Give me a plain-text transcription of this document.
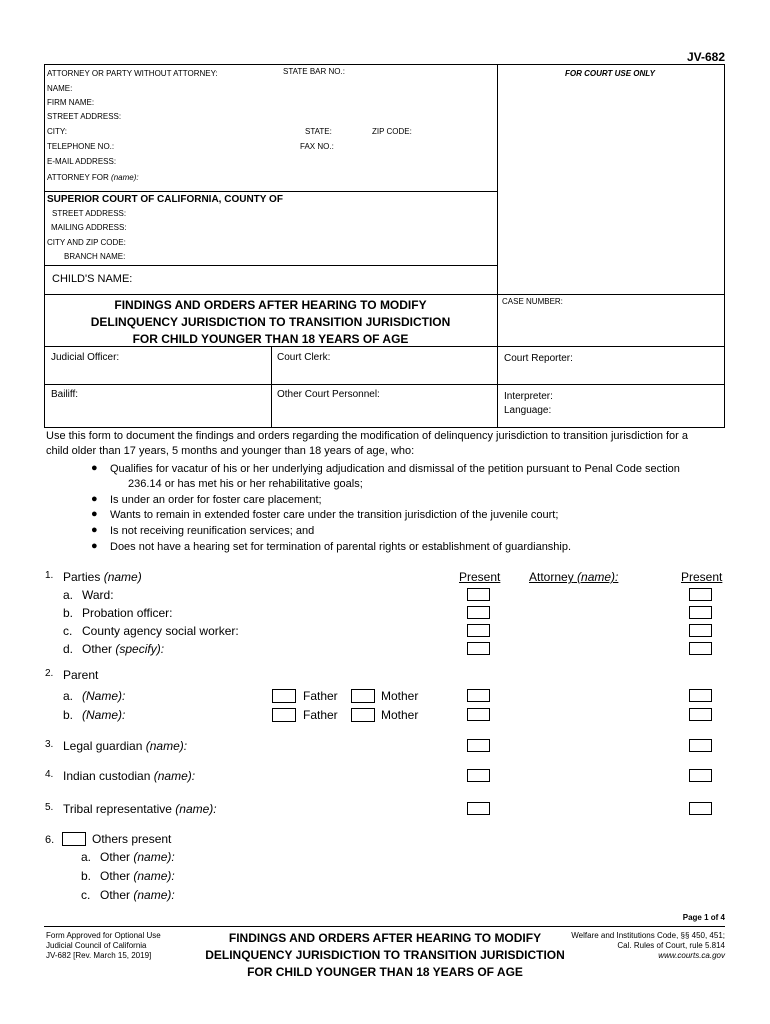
JV-682
ATTORNEY OR PARTY WITHOUT ATTORNEY:	STATE BAR NO.:	FOR COURT USE ONLY
NAME:
FIRM NAME:
STREET ADDRESS:
CITY:	STATE:	ZIP CODE:
TELEPHONE NO.:	FAX NO.:
E-MAIL ADDRESS:
ATTORNEY FOR (name):
SUPERIOR COURT OF CALIFORNIA, COUNTY OF
STREET ADDRESS:
MAILING ADDRESS:
CITY AND ZIP CODE:
BRANCH NAME:
CHILD'S NAME:
FINDINGS AND ORDERS AFTER HEARING TO MODIFY
DELINQUENCY JURISDICTION TO TRANSITION JURISDICTION
FOR CHILD YOUNGER THAN 18 YEARS OF AGE
CASE NUMBER:
Judicial Officer:	Court Clerk:	Court Reporter:
Bailiff:	Other Court Personnel:	Interpreter:
Language:
Use this form to document the findings and orders regarding the modification of delinquency jurisdiction to transition jurisdiction for a
child older than 17 years, 5 months and younger than 18 years of age, who:
● Qualifies for vacatur of his or her underlying adjudication and dismissal of the petition pursuant to Penal Code section
236.14 or has met his or her rehabilitative goals;
● Is under an order for foster care placement;
● Wants to remain in extended foster care under the transition jurisdiction of the juvenile court;
● Is not receiving reunification services; and
● Does not have a hearing set for termination of parental rights or establishment of guardianship.
1. Parties (name)	Present Attorney (name):	Present
a. Ward:
b. Probation officer:
c. County agency social worker:
d. Other (specify):
2. Parent
a. (Name):	Father	Mother
b. (Name):	Father	Mother
3. Legal guardian (name):
4. Indian custodian (name):
5. Tribal representative (name):
6.	Others present
a. Other (name):
b. Other (name):
c. Other (name):
Page 1 of 4
Form Approved for Optional Use
Judicial Council of California
JV-682 [Rev. March 15, 2019]
FINDINGS AND ORDERS AFTER HEARING TO MODIFY
DELINQUENCY JURISDICTION TO TRANSITION JURISDICTION
FOR CHILD YOUNGER THAN 18 YEARS OF AGE
Welfare and Institutions Code, §§ 450, 451;
Cal. Rules of Court, rule 5.814
www.courts.ca.gov
